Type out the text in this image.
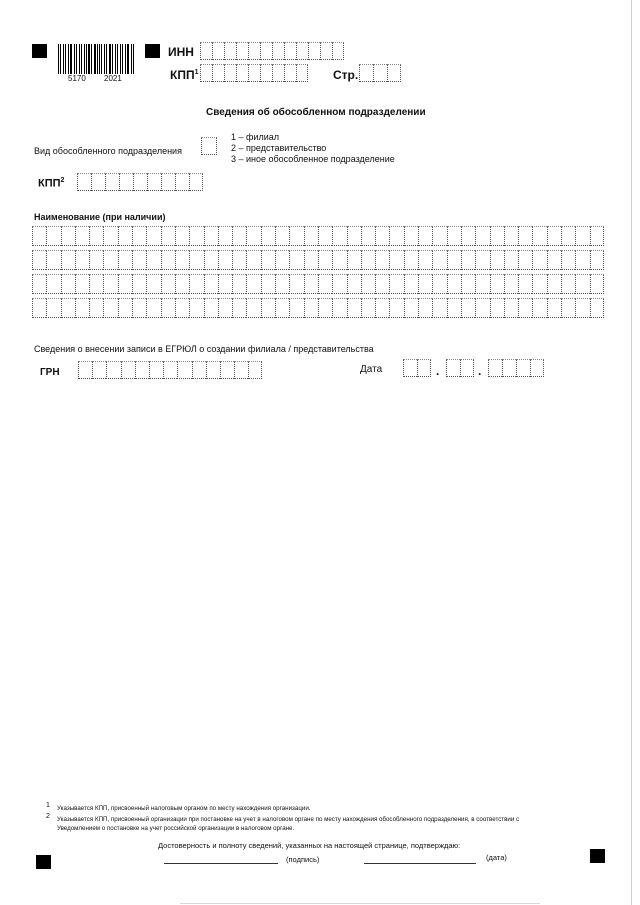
5170 2021
ИНН
КПП$^1$	Стр.
Сведения об обособленном подразделении
Вид обособленного подразделения
1 – филиал
2 – представительство
3 – иное обособленное подразделение
КПП$^2$
Наименование (при наличии)
Сведения о внесении записи в ЕГРЮЛ о создании филиала / представительства
ГРН	Дата	.	.
1 Указывается КПП, присвоенный налоговым органом по месту нахождения организации.
2 Указывается КПП, присвоенный организации при постановке на учет в налоговом органе по месту нахождения обособленного подразделения, в соответствии с
Уведомлением о постановке на учет российской организации в налоговом органе.
Достоверность и полноту сведений, указанных на настоящей странице, подтверждаю:
(подпись)	(дата)
